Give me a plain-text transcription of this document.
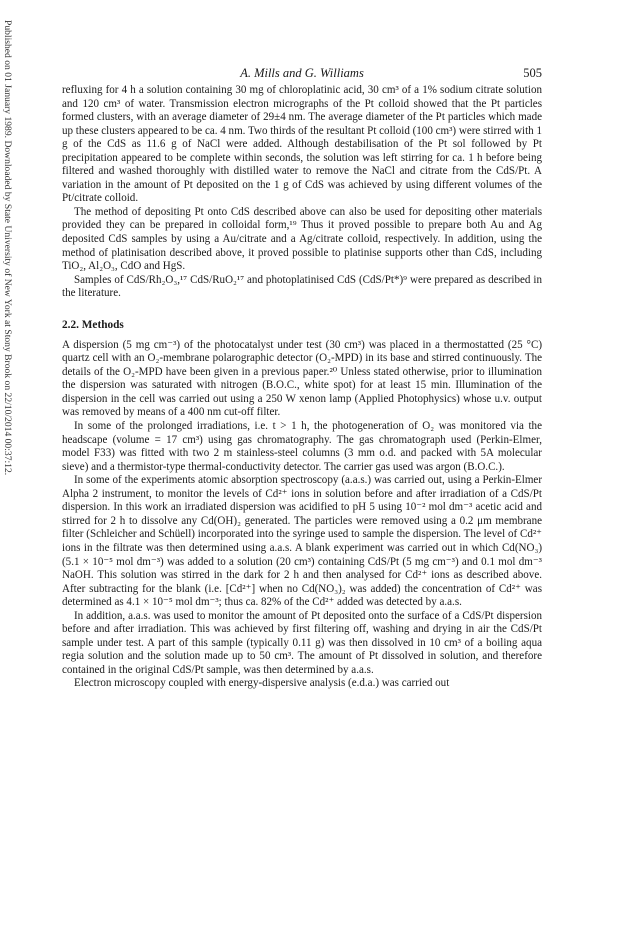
Published on 01 January 1989. Downloaded by State University of New York at Stony Brook on 22/10/2014 00:37:12.	A. Mills and G. Williams	505

refluxing for 4 h a solution containing 30 mg of chloroplatinic acid, 30 cm³ of a 1% sodium citrate solution and 120 cm³ of water. Transmission electron micrographs of the Pt colloid showed that the Pt particles formed clusters, with an average diameter of 29±4 nm. The average diameter of the Pt particles which made up these clusters appeared to be ca. 4 nm. Two thirds of the resultant Pt colloid (100 cm³) were stirred with 1 g of the CdS as 11.6 g of NaCl were added. Although destabilisation of the Pt sol followed by Pt precipitation appeared to be complete within seconds, the solution was left stirring for ca. 1 h before being filtered and washed thoroughly with distilled water to remove the NaCl and citrate from the CdS/Pt. A variation in the amount of Pt deposited on the 1 g of CdS was achieved by using different volumes of the Pt/citrate colloid.

The method of depositing Pt onto CdS described above can also be used for depositing other materials provided they can be prepared in colloidal form,¹⁹ Thus it proved possible to prepare both Au and Ag deposited CdS samples by using a Au/citrate and a Ag/citrate colloid, respectively. In addition, using the method of platinisation described above, it proved possible to platinise supports other than CdS, including TiO₂, Al₂O₃, CdO and HgS.

Samples of CdS/Rh₂O₃,¹⁷ CdS/RuO₂¹⁷ and photoplatinised CdS (CdS/Pt*)⁹ were prepared as described in the literature.

2.2. Methods

A dispersion (5 mg cm⁻³) of the photocatalyst under test (30 cm³) was placed in a thermostatted (25 °C) quartz cell with an O₂-membrane polarographic detector (O₂-MPD) in its base and stirred continuously. The details of the O₂-MPD have been given in a previous paper.²⁰ Unless stated otherwise, prior to illumination the dispersion was saturated with nitrogen (B.O.C., white spot) for at least 15 min. Illumination of the dispersion in the cell was carried out using a 250 W xenon lamp (Applied Photophysics) whose u.v. output was removed by means of a 400 nm cut-off filter.

In some of the prolonged irradiations, i.e. t > 1 h, the photogeneration of O₂ was monitored via the headscape (volume = 17 cm³) using gas chromatography. The gas chromatograph used (Perkin-Elmer, model F33) was fitted with two 2 m stainless-steel columns (3 mm o.d. and packed with 5A molecular sieve) and a thermistor-type thermal-conductivity detector. The carrier gas used was argon (B.O.C.).

In some of the experiments atomic absorption spectroscopy (a.a.s.) was carried out, using a Perkin-Elmer Alpha 2 instrument, to monitor the levels of Cd²⁺ ions in solution before and after irradiation of a CdS/Pt dispersion. In this work an irradiated dispersion was acidified to pH 5 using 10⁻² mol dm⁻³ acetic acid and stirred for 2 h to dissolve any Cd(OH)₂ generated. The particles were removed using a 0.2 μm membrane filter (Schleicher and Schüell) incorporated into the syringe used to sample the dispersion. The level of Cd²⁺ ions in the filtrate was then determined using a.a.s. A blank experiment was carried out in which Cd(NO₃) (5.1 × 10⁻⁵ mol dm⁻³) was added to a solution (20 cm³) containing CdS/Pt (5 mg cm⁻³) and 0.1 mol dm⁻³ NaOH. This solution was stirred in the dark for 2 h and then analysed for Cd²⁺ ions as described above. After subtracting for the blank (i.e. [Cd²⁺] when no Cd(NO₃)₂ was added) the concentration of Cd²⁺ was determined as 4.1 × 10⁻⁵ mol dm⁻³; thus ca. 82% of the Cd²⁺ added was detected by a.a.s.

In addition, a.a.s. was used to monitor the amount of Pt deposited onto the surface of a CdS/Pt dispersion before and after irradiation. This was achieved by first filtering off, washing and drying in air the CdS/Pt sample under test. A part of this sample (typically 0.11 g) was then dissolved in 10 cm³ of a boiling aqua regia solution and the solution made up to 50 cm³. The amount of Pt dissolved in solution, and therefore contained in the original CdS/Pt sample, was then determined by a.a.s.

Electron microscopy coupled with energy-dispersive analysis (e.d.a.) was carried out
